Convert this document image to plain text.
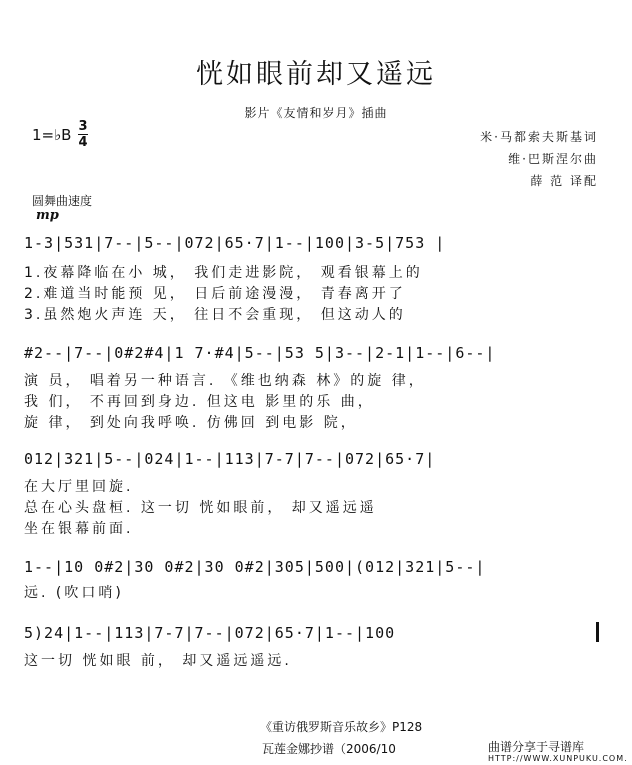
恍如眼前却又遥远
影片《友情和岁月》插曲
1=♭B 3
4	米·马都索夫斯基词
维·巴斯涅尔曲
薛 范 译配
圆舞曲速度
mp
1-3|531|7--|5--|072|65·7|1--|100|3-5|753 |
1.夜幕降临在小 城， 我们走进影院， 观看银幕上的
2.难道当时能预 见， 日后前途漫漫， 青春离开了
3.虽然炮火声连 天， 往日不会重现， 但这动人的
#2--|7--|0#2#4|1 7·#4|5--|53 5|3--|2-1|1--|6--|
演 员， 唱着另一种语言. 《维也纳森 林》的旋 律，
我 们， 不再回到身边. 但这电 影里的乐 曲，
旋 律， 到处向我呼唤. 仿佛回 到电影 院，
012|321|5--|024|1--|113|7-7|7--|072|65·7|
在大厅里回旋.
总在心头盘桓. 这一切 恍如眼前， 却又遥远遥
坐在银幕前面.
1--|10 0#2|30 0#2|30 0#2|305|500|(012|321|5--|
远. (吹口哨)
5)24|1--|113|7-7|7--|072|65·7|1--|100
这一切 恍如眼 前， 却又遥远遥远.
《重访俄罗斯音乐故乡》P128
瓦莲金娜抄谱（2006/10	曲谱分享于寻谱库
HTTP://WWW.XUNPUKU.COM.
